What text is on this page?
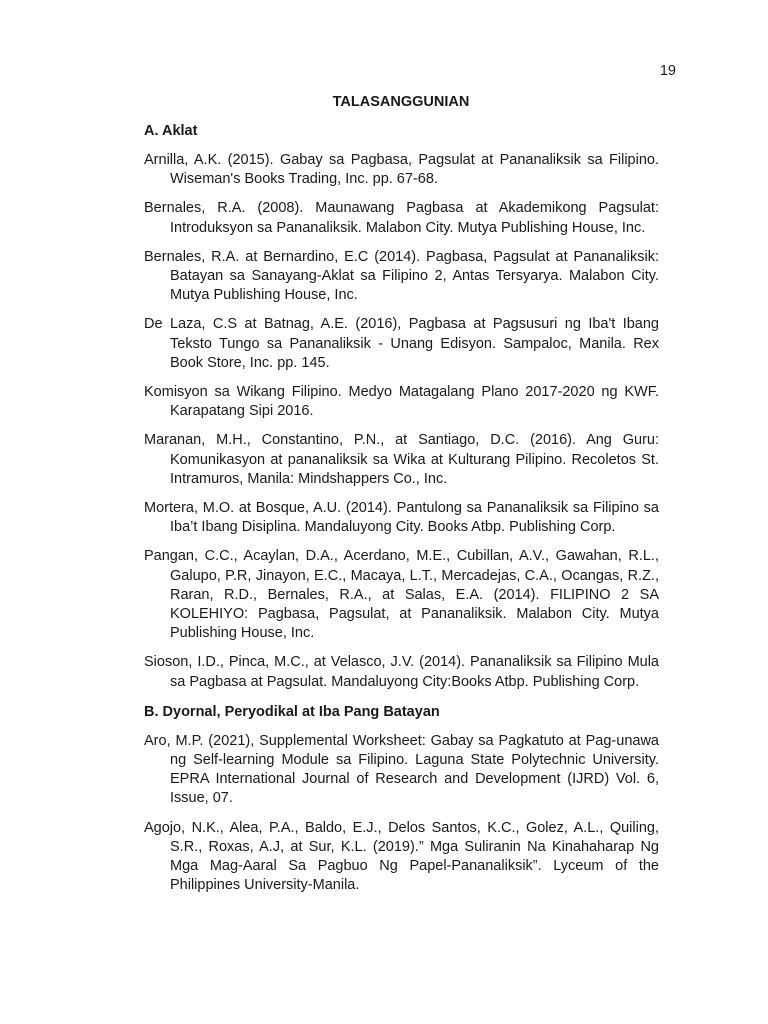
19
TALASANGGUNIAN
A. Aklat
Arnilla, A.K. (2015). Gabay sa Pagbasa, Pagsulat at Pananaliksik sa Filipino. Wiseman's Books Trading, Inc. pp. 67-68.
Bernales, R.A. (2008). Maunawang Pagbasa at Akademikong Pagsulat: Introduksyon sa Pananaliksik. Malabon City. Mutya Publishing House, Inc.
Bernales, R.A. at Bernardino, E.C (2014). Pagbasa, Pagsulat at Pananaliksik: Batayan sa Sanayang-Aklat sa Filipino 2, Antas Tersyarya. Malabon City. Mutya Publishing House, Inc.
De Laza, C.S at Batnag, A.E. (2016), Pagbasa at Pagsusuri ng Iba't Ibang Teksto Tungo sa Pananaliksik - Unang Edisyon. Sampaloc, Manila. Rex Book Store, Inc. pp. 145.
Komisyon sa Wikang Filipino. Medyo Matagalang Plano 2017-2020 ng KWF. Karapatang Sipi 2016.
Maranan, M.H., Constantino, P.N., at Santiago, D.C. (2016). Ang Guru: Komunikasyon at pananaliksik sa Wika at Kulturang Pilipino. Recoletos St. Intramuros, Manila: Mindshappers Co., Inc.
Mortera, M.O. at Bosque, A.U. (2014). Pantulong sa Pananaliksik sa Filipino sa Iba’t Ibang Disiplina. Mandaluyong City. Books Atbp. Publishing Corp.
Pangan, C.C., Acaylan, D.A., Acerdano, M.E., Cubillan, A.V., Gawahan, R.L., Galupo, P.R, Jinayon, E.C., Macaya, L.T., Mercadejas, C.A., Ocangas, R.Z., Raran, R.D., Bernales, R.A., at Salas, E.A. (2014). FILIPINO 2 SA KOLEHIYO: Pagbasa, Pagsulat, at Pananaliksik. Malabon City. Mutya Publishing House, Inc.
Sioson, I.D., Pinca, M.C., at Velasco, J.V. (2014). Pananaliksik sa Filipino Mula sa Pagbasa at Pagsulat. Mandaluyong City:Books Atbp. Publishing Corp.
B. Dyornal, Peryodikal at Iba Pang Batayan
Aro, M.P. (2021), Supplemental Worksheet: Gabay sa Pagkatuto at Pag-unawa ng Self-learning Module sa Filipino. Laguna State Polytechnic University. EPRA International Journal of Research and Development (IJRD) Vol. 6, Issue, 07.
Agojo, N.K., Alea, P.A., Baldo, E.J., Delos Santos, K.C., Golez, A.L., Quiling, S.R., Roxas, A.J, at Sur, K.L. (2019).” Mga Suliranin Na Kinahaharap Ng Mga Mag-Aaral Sa Pagbuo Ng Papel-Pananaliksik”. Lyceum of the Philippines University-Manila.
